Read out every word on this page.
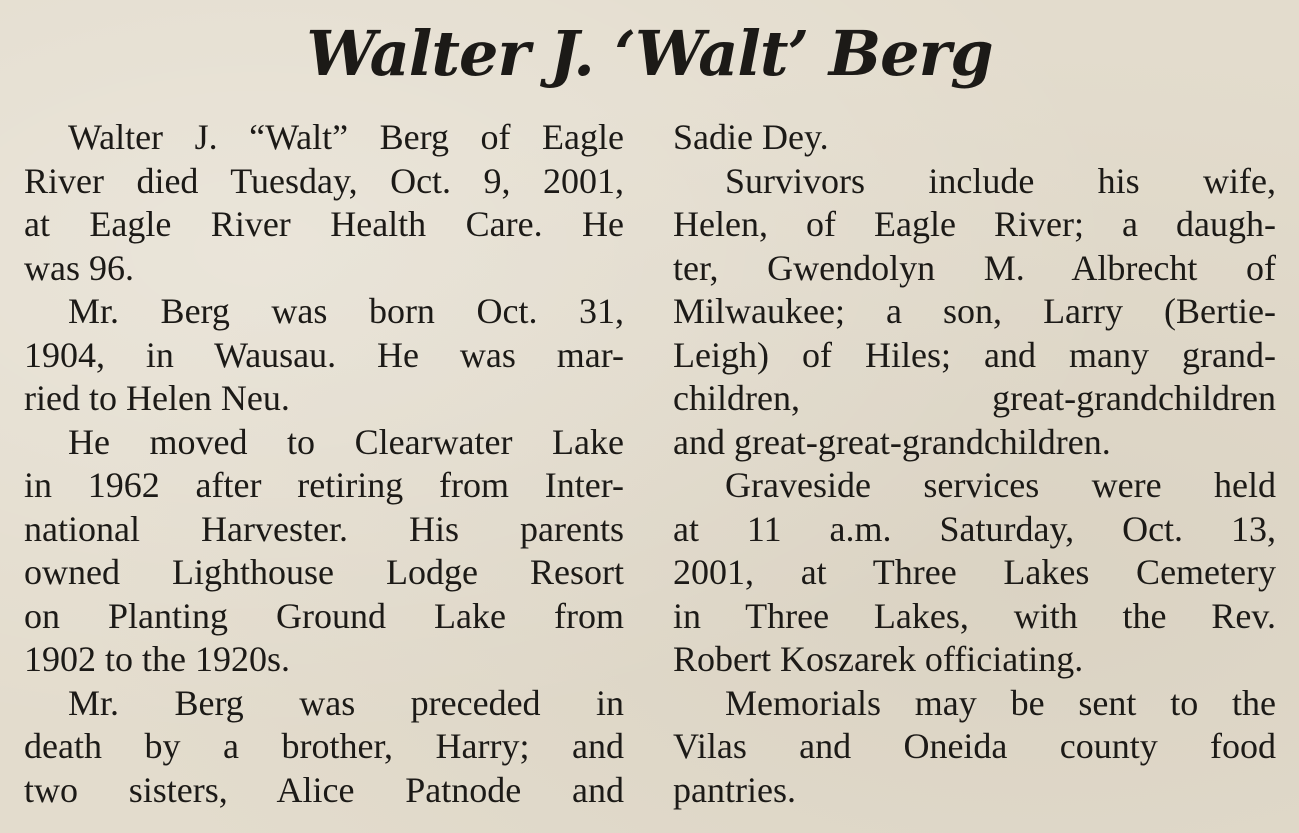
Walter J. ‘Walt’ Berg
Walter J. “Walt” Berg of Eagle
River died Tuesday, Oct. 9, 2001,
at Eagle River Health Care. He
was 96.
Mr. Berg was born Oct. 31,
1904, in Wausau. He was mar-
ried to Helen Neu.
He moved to Clearwater Lake
in 1962 after retiring from Inter-
national Harvester. His parents
owned Lighthouse Lodge Resort
on Planting Ground Lake from
1902 to the 1920s.
Mr. Berg was preceded in
death by a brother, Harry; and
two sisters, Alice Patnode and
Sadie Dey.
Survivors include his wife,
Helen, of Eagle River; a daugh-
ter, Gwendolyn M. Albrecht of
Milwaukee; a son, Larry (Bertie-
Leigh) of Hiles; and many grand-
children, great-grandchildren
and great-great-grandchildren.
Graveside services were held
at 11 a.m. Saturday, Oct. 13,
2001, at Three Lakes Cemetery
in Three Lakes, with the Rev.
Robert Koszarek officiating.
Memorials may be sent to the
Vilas and Oneida county food
pantries.
